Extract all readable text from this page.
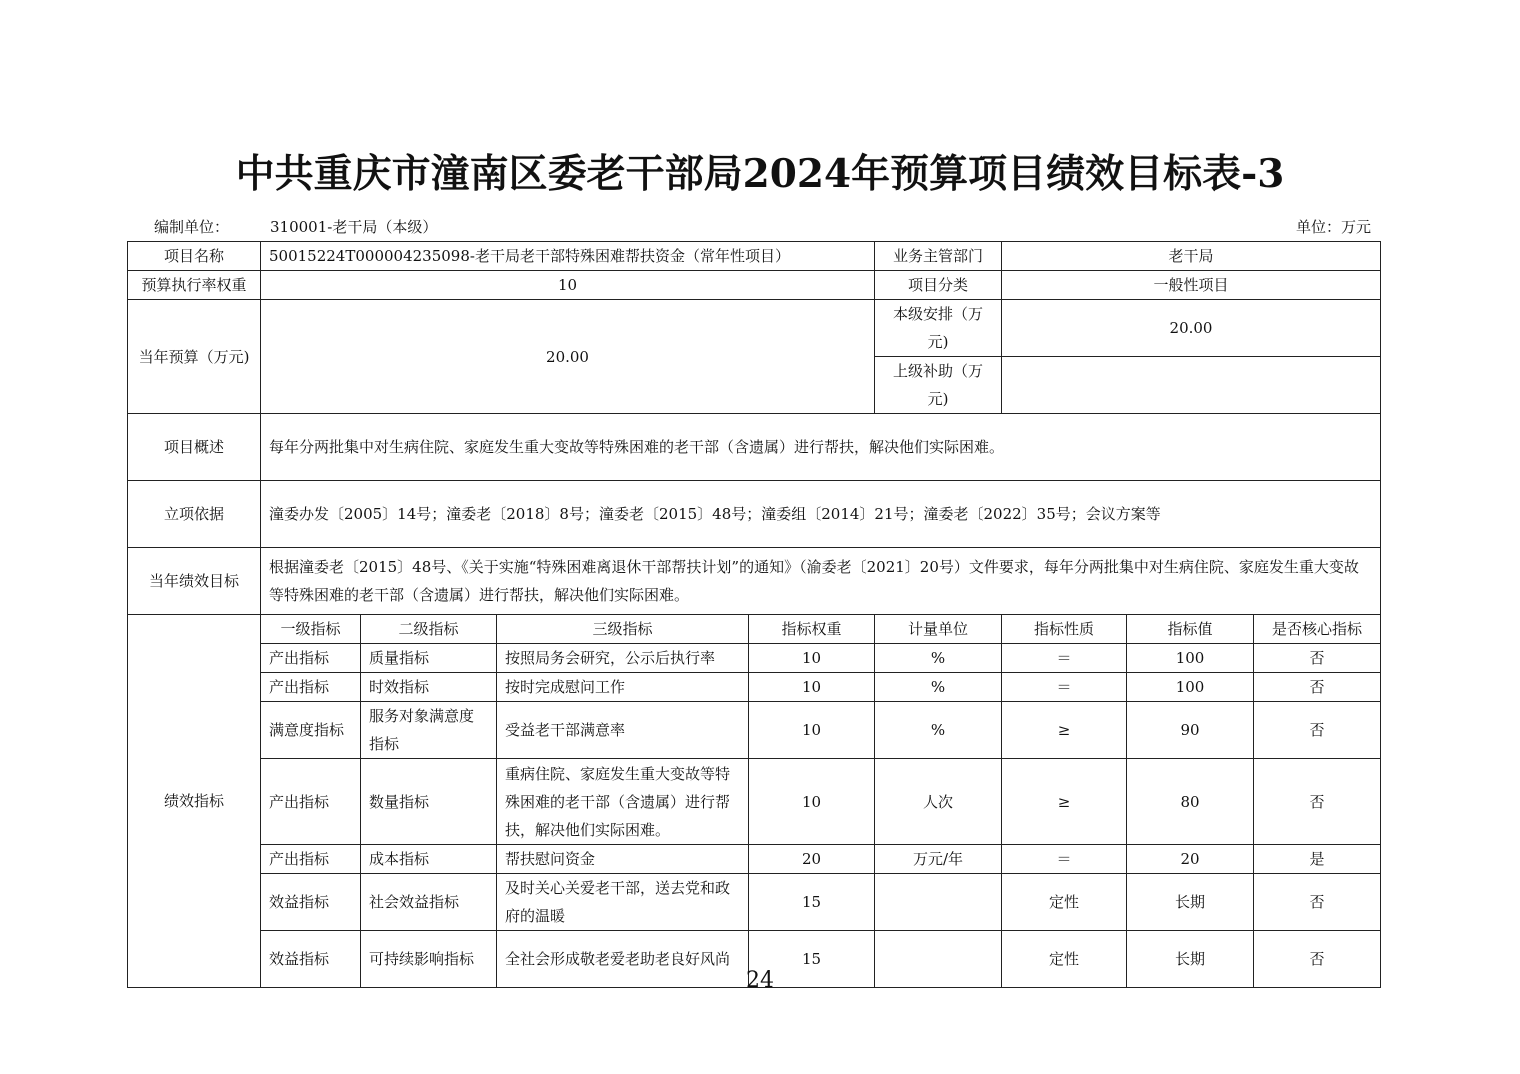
中共重庆市潼南区委老干部局2024年预算项目绩效目标表-3
编制单位：	310001-老干局（本级）	单位：万元
项目名称	50015224T000004235098-老干局老干部特殊困难帮扶资金（常年性项目）				业务主管部门	老干局		
预算执行率权重	10				项目分类	一般性项目		
当年预算（万元)	20.00				本级安排（万元)	20.00		
					上级补助（万元)			
项目概述	每年分两批集中对生病住院、家庭发生重大变故等特殊困难的老干部（含遗属）进行帮扶，解决他们实际困难。							
立项依据	潼委办发〔2005〕14号；潼委老〔2018〕8号；潼委老〔2015〕48号；潼委组〔2014〕21号；潼委老〔2022〕35号；会议方案等							
当年绩效目标	根据潼委老〔2015〕48号、《关于实施“特殊困难离退休干部帮扶计划”的通知》（渝委老〔2021〕20号）文件要求，每年分两批集中对生病住院、家庭发生重大变故等特殊困难的老干部（含遗属）进行帮扶，解决他们实际困难。							
绩效指标	一级指标	二级指标	三级指标	指标权重	计量单位	指标性质	指标值	是否核心指标
	产出指标	质量指标	按照局务会研究，公示后执行率	10	%	＝	100	否
	产出指标	时效指标	按时完成慰问工作	10	%	＝	100	否
	满意度指标	服务对象满意度指标	受益老干部满意率	10	%	≥	90	否
	产出指标	数量指标	重病住院、家庭发生重大变故等特殊困难的老干部（含遗属）进行帮扶，解决他们实际困难。	10	人次	≥	80	否
	产出指标	成本指标	帮扶慰问资金	20	万元/年	＝	20	是
	效益指标	社会效益指标	及时关心关爱老干部，送去党和政府的温暖	15		定性	长期	否
	效益指标	可持续影响指标	全社会形成敬老爱老助老良好风尚	15		定性	长期	否
24
